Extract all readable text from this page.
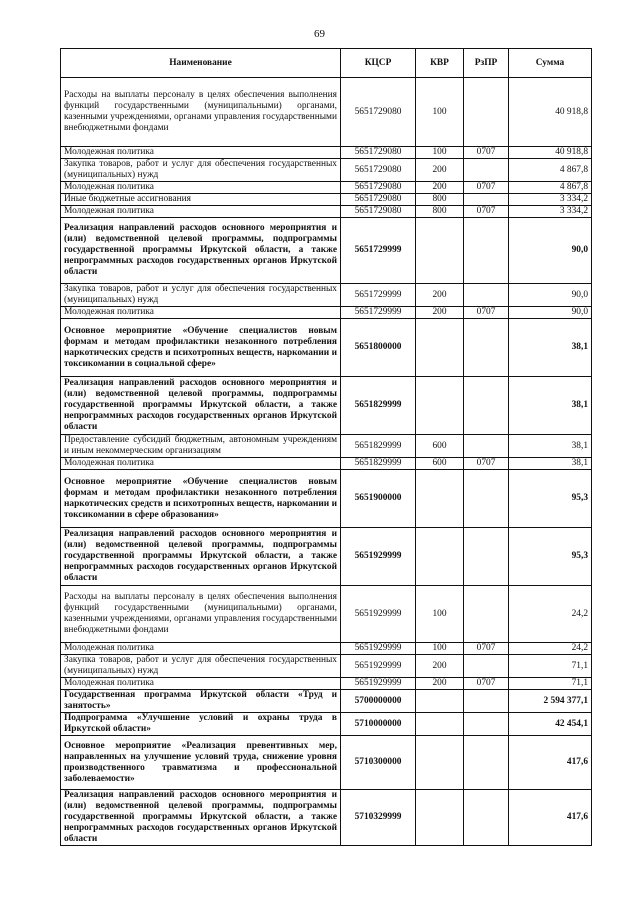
69
Наименование	КЦСР	КВР	РзПР	Сумма
Расходы на выплаты персоналу в целях обеспечения выполнения функций государственными (муниципальными) органами, казенными учреждениями, органами управления государственными внебюджетными фондами	5651729080	100		40 918,8
Молодежная политика	5651729080	100	0707	40 918,8
Закупка товаров, работ и услуг для обеспечения государственных (муниципальных) нужд	5651729080	200		4 867,8
Молодежная политика	5651729080	200	0707	4 867,8
Иные бюджетные ассигнования	5651729080	800		3 334,2
Молодежная политика	5651729080	800	0707	3 334,2
Реализация направлений расходов основного мероприятия и (или) ведомственной целевой программы, подпрограммы государственной программы Иркутской области, а также непрограммных расходов государственных органов Иркутской области	5651729999			90,0
Закупка товаров, работ и услуг для обеспечения государственных (муниципальных) нужд	5651729999	200		90,0
Молодежная политика	5651729999	200	0707	90,0
Основное мероприятие «Обучение специалистов новым формам и методам профилактики незаконного потребления наркотических средств и психотропных веществ, наркомании и токсикомании в социальной сфере»	5651800000			38,1
Реализация направлений расходов основного мероприятия и (или) ведомственной целевой программы, подпрограммы государственной программы Иркутской области, а также непрограммных расходов государственных органов Иркутской области	5651829999			38,1
Предоставление субсидий бюджетным, автономным учреждениям и иным некоммерческим организациям	5651829999	600		38,1
Молодежная политика	5651829999	600	0707	38,1
Основное мероприятие «Обучение специалистов новым формам и методам профилактики незаконного потребления наркотических средств и психотропных веществ, наркомании и токсикомании в сфере образования»	5651900000			95,3
Реализация направлений расходов основного мероприятия и (или) ведомственной целевой программы, подпрограммы государственной программы Иркутской области, а также непрограммных расходов государственных органов Иркутской области	5651929999			95,3
Расходы на выплаты персоналу в целях обеспечения выполнения функций государственными (муниципальными) органами, казенными учреждениями, органами управления государственными внебюджетными фондами	5651929999	100		24,2
Молодежная политика	5651929999	100	0707	24,2
Закупка товаров, работ и услуг для обеспечения государственных (муниципальных) нужд	5651929999	200		71,1
Молодежная политика	5651929999	200	0707	71,1
Государственная программа Иркутской области «Труд и занятость»	5700000000			2 594 377,1
Подпрограмма «Улучшение условий и охраны труда в Иркутской области»	5710000000			42 454,1
Основное мероприятие «Реализация превентивных мер, направленных на улучшение условий труда, снижение уровня производственного травматизма и профессиональной заболеваемости»	5710300000			417,6
Реализация направлений расходов основного мероприятия и (или) ведомственной целевой программы, подпрограммы государственной программы Иркутской области, а также непрограммных расходов государственных органов Иркутской области	5710329999			417,6
